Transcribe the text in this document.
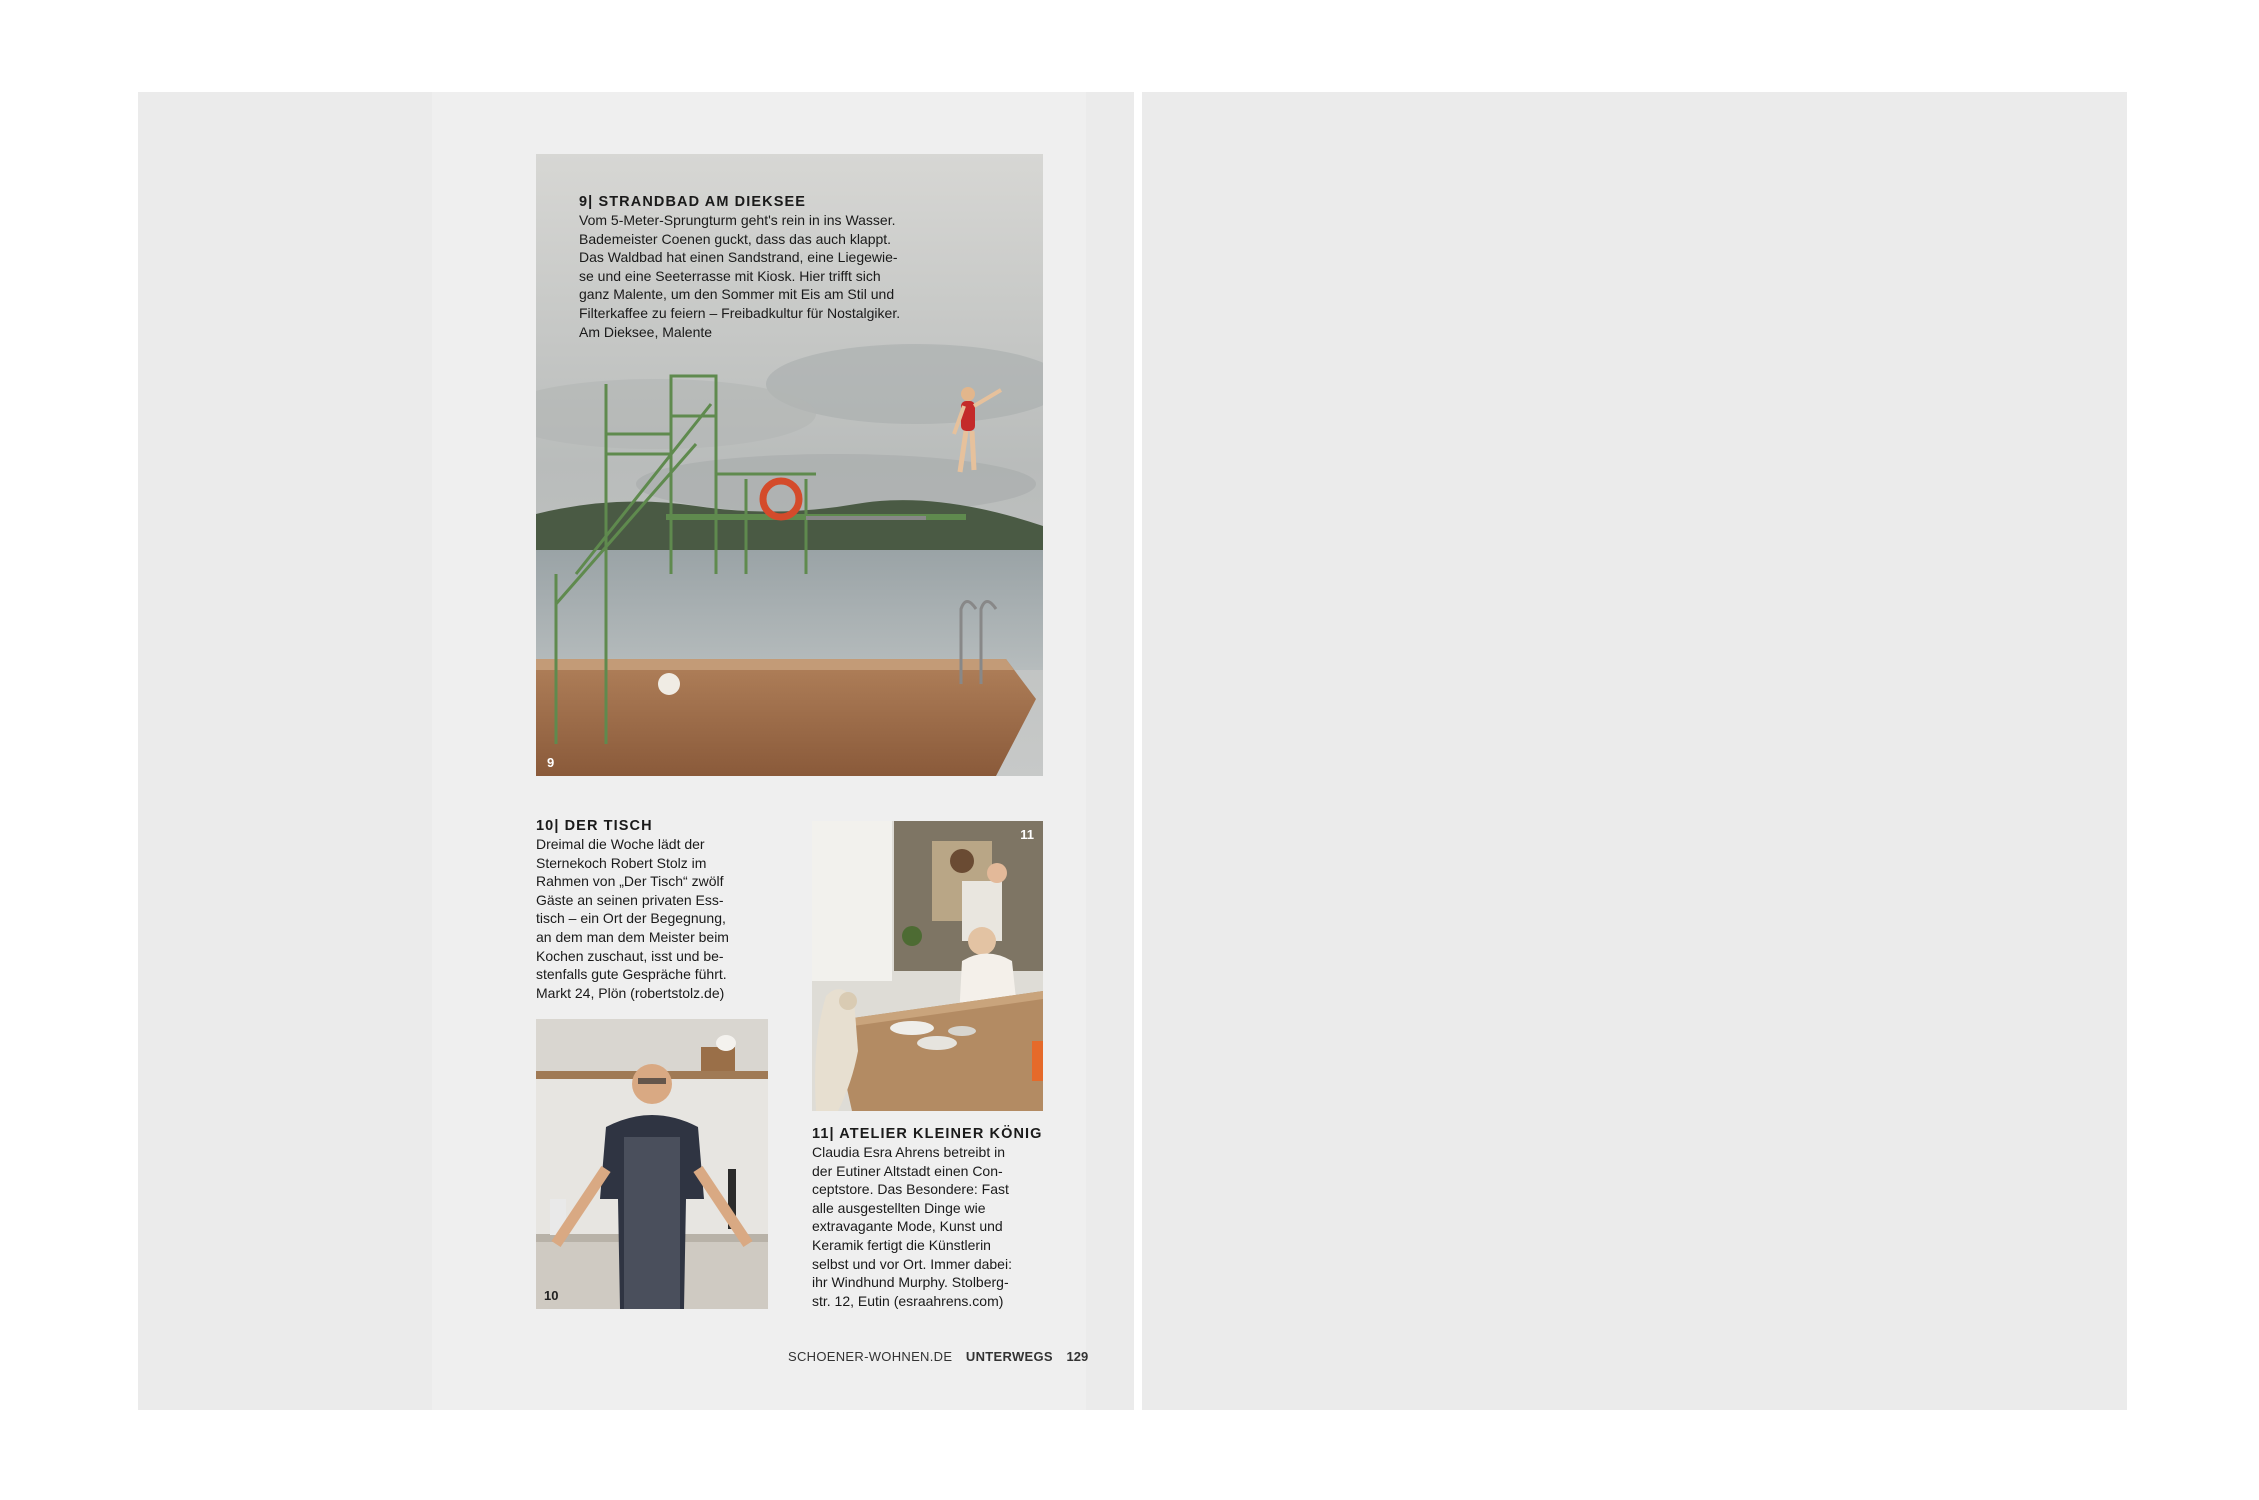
9
9| STRANDBAD AM DIEKSEE
Vom 5-Meter-Sprungturm geht's rein in ins Wasser.
Bademeister Coenen guckt, dass das auch klappt.
Das Waldbad hat einen Sandstrand, eine Liegewie-
se und eine Seeterrasse mit Kiosk. Hier trifft sich
ganz Malente, um den Sommer mit Eis am Stil und
Filterkaffee zu feiern – Freibadkultur für Nostalgiker.
Am Dieksee, Malente
10| DER TISCH
Dreimal die Woche lädt der
Sternekoch Robert Stolz im
Rahmen von „Der Tisch“ zwölf
Gäste an seinen privaten Ess-
tisch – ein Ort der Begegnung,
an dem man dem Meister beim
Kochen zuschaut, isst und be-
stenfalls gute Gespräche führt.
Markt 24, Plön (robertstolz.de)
10
11
11| ATELIER KLEINER KÖNIG
Claudia Esra Ahrens betreibt in
der Eutiner Altstadt einen Con-
ceptstore. Das Besondere: Fast
alle ausgestellten Dinge wie
extravagante Mode, Kunst und
Keramik fertigt die Künstlerin
selbst und vor Ort. Immer dabei:
ihr Windhund Murphy. Stolberg-
str. 12, Eutin (esraahrens.com)
SCHOENER-WOHNEN.DE UNTERWEGS 129
